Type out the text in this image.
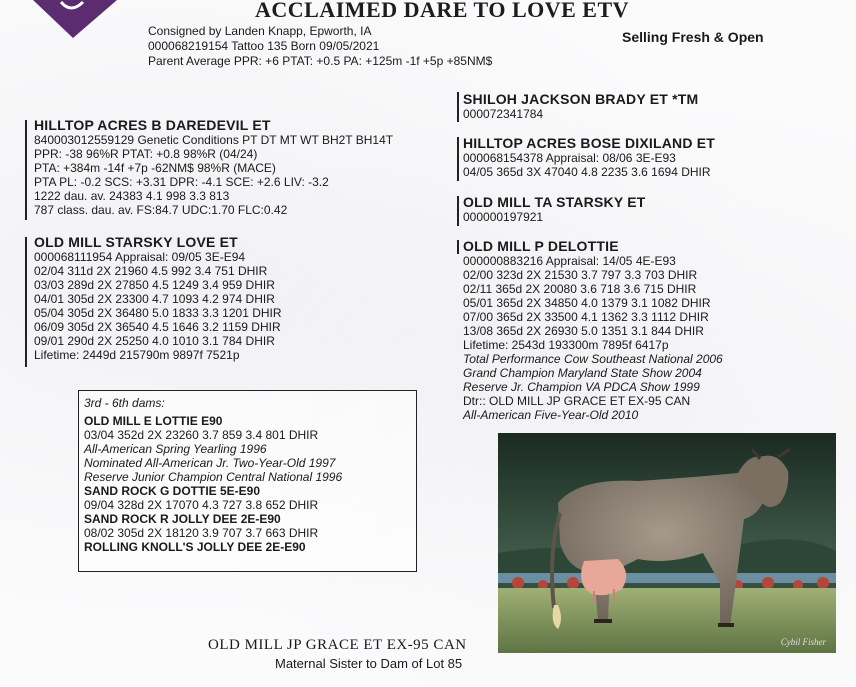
ACCLAIMED DARE TO LOVE ETV
Consigned by Landen Knapp, Epworth, IA
000068219154 Tattoo 135 Born 09/05/2021
Parent Average PPR: +6 PTAT: +0.5 PA: +125m -1f +5p +85NM$
Selling Fresh & Open
HILLTOP ACRES B DAREDEVIL ET
840003012559129 Genetic Conditions PT DT MT WT BH2T BH14T
PPR: -38 96%R PTAT: +0.8 98%R (04/24)
PTA: +384m -14f +7p -62NM$ 98%R (MACE)
PTA PL: -0.2 SCS: +3.31 DPR: -4.1 SCE: +2.6 LIV: -3.2
1222 dau. av. 24383 4.1 998 3.3 813
787 class. dau. av. FS:84.7 UDC:1.70 FLC:0.42
OLD MILL STARSKY LOVE ET
000068111954 Appraisal: 09/05 3E-E94
02/04 311d 2X 21960 4.5 992 3.4 751 DHIR
03/03 289d 2X 27850 4.5 1249 3.4 959 DHIR
04/01 305d 2X 23300 4.7 1093 4.2 974 DHIR
05/04 305d 2X 36480 5.0 1833 3.3 1201 DHIR
06/09 305d 2X 36540 4.5 1646 3.2 1159 DHIR
09/01 290d 2X 25250 4.0 1010 3.1 784 DHIR
Lifetime: 2449d 215790m 9897f 7521p
SHILOH JACKSON BRADY ET *TM
000072341784
HILLTOP ACRES BOSE DIXILAND ET
000068154378 Appraisal: 08/06 3E-E93
04/05 365d 3X 47040 4.8 2235 3.6 1694 DHIR
OLD MILL TA STARSKY ET
000000197921
OLD MILL P DELOTTIE
000000883216 Appraisal: 14/05 4E-E93
02/00 323d 2X 21530 3.7 797 3.3 703 DHIR
02/11 365d 2X 20080 3.6 718 3.6 715 DHIR
05/01 365d 2X 34850 4.0 1379 3.1 1082 DHIR
07/00 365d 2X 33500 4.1 1362 3.3 1112 DHIR
13/08 365d 2X 26930 5.0 1351 3.1 844 DHIR
Lifetime: 2543d 193300m 7895f 6417p
Total Performance Cow Southeast National 2006
Grand Champion Maryland State Show 2004
Reserve Jr. Champion VA PDCA Show 1999
Dtr:: OLD MILL JP GRACE ET EX-95 CAN
All-American Five-Year-Old 2010
3rd - 6th dams:
OLD MILL E LOTTIE E90
03/04 352d 2X 23260 3.7 859 3.4 801 DHIR
All-American Spring Yearling 1996
Nominated All-American Jr. Two-Year-Old 1997
Reserve Junior Champion Central National 1996
SAND ROCK G DOTTIE 5E-E90
09/04 328d 2X 17070 4.3 727 3.8 652 DHIR
SAND ROCK R JOLLY DEE 2E-E90
08/02 305d 2X 18120 3.9 707 3.7 663 DHIR
ROLLING KNOLL'S JOLLY DEE 2E-E90
Cybil Fisher
OLD MILL JP GRACE ET EX-95 CAN
Maternal Sister to Dam of Lot 85
